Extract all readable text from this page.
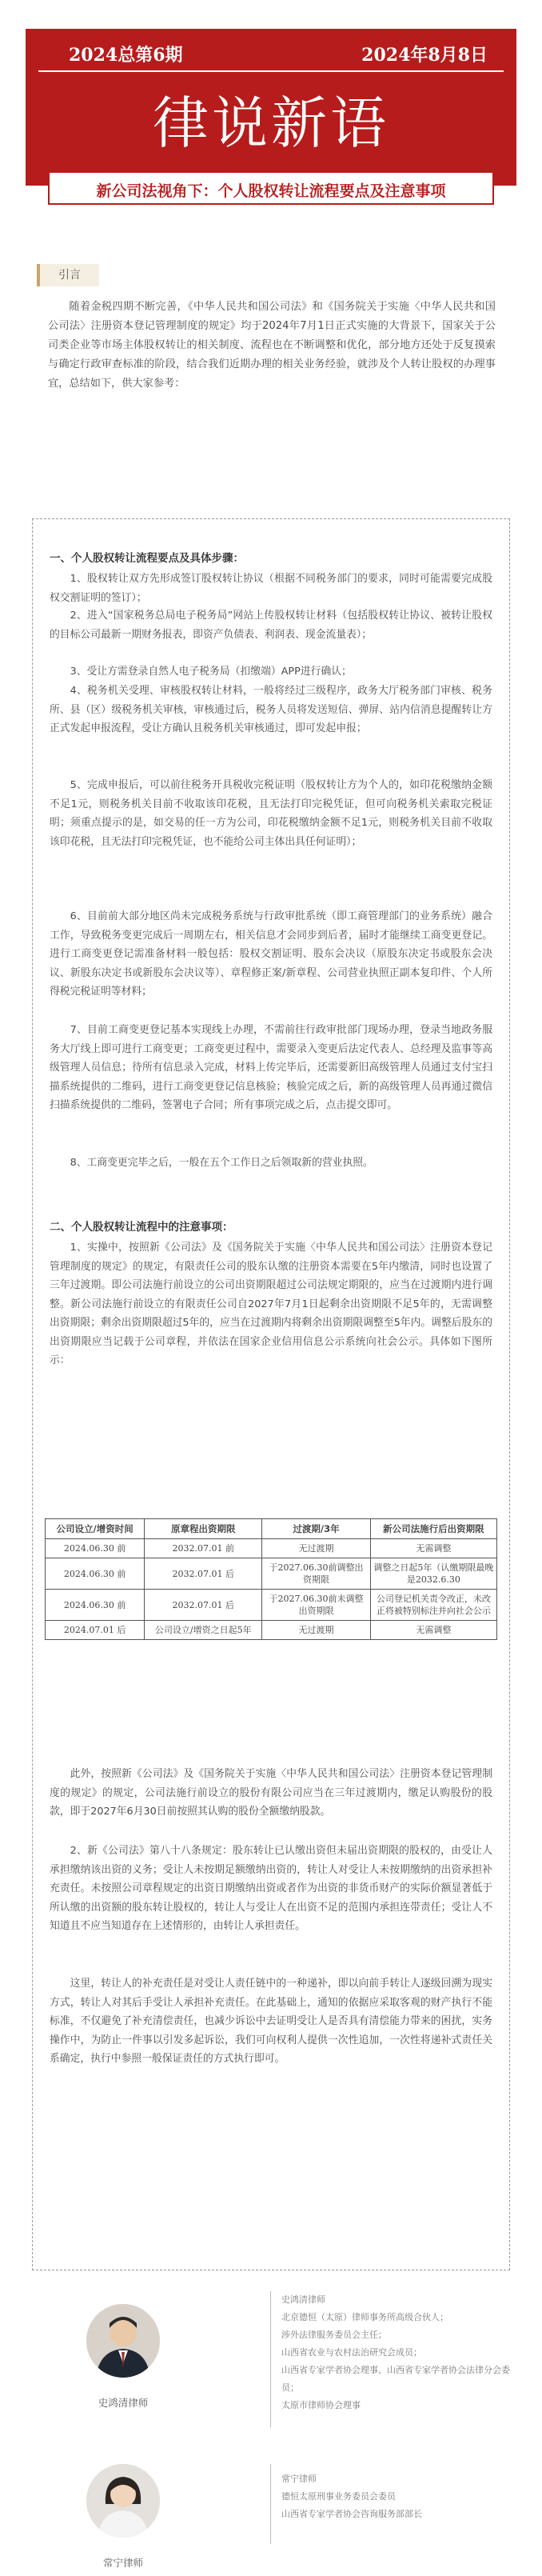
2024总第6期	2024年8月8日
律说新语
新公司法视角下：个人股权转让流程要点及注意事项
引言

随着金税四期不断完善，《中华人民共和国公司法》和《国务院关于实施〈中华人民共和国公司法〉注册资本登记管理制度的规定》均于2024年7月1日正式实施的大背景下，国家关于公司类企业等市场主体股权转让的相关制度、流程也在不断调整和优化，部分地方还处于反复摸索与确定行政审查标准的阶段，结合我们近期办理的相关业务经验，就涉及个人转让股权的办理事宜，总结如下，供大家参考：

一、个人股权转让流程要点及具体步骤：

1、股权转让双方先形成签订股权转让协议（根据不同税务部门的要求，同时可能需要完成股权交割证明的签订）；

2、进入“国家税务总局电子税务局”网站上传股权转让材料（包括股权转让协议、被转让股权的目标公司最新一期财务报表，即资产负债表、利润表、现金流量表）；

3、受让方需登录自然人电子税务局（扣缴端）APP进行确认；

4、税务机关受理、审核股权转让材料，一般将经过三级程序，政务大厅税务部门审核、税务所、县（区）级税务机关审核，审核通过后，税务人员将发送短信、弹屏、站内信消息提醒转让方正式发起申报流程，受让方确认且税务机关审核通过，即可发起申报；

5、完成申报后，可以前往税务开具税收完税证明（股权转让方为个人的，如印花税缴纳金额不足1元，则税务机关目前不收取该印花税，且无法打印完税凭证，但可向税务机关索取完税证明；须重点提示的是，如交易的任一方为公司，印花税缴纳金额不足1元，则税务机关目前不收取该印花税，且无法打印完税凭证，也不能给公司主体出具任何证明）；

6、目前前大部分地区尚未完成税务系统与行政审批系统（即工商管理部门的业务系统）融合工作，导致税务变更完成后一周期左右，相关信息才会同步到后者，届时才能继续工商变更登记。进行工商变更登记需准备材料一般包括：股权交割证明、股东会决议（原股东决定书或股东会决议、新股东决定书或新股东会决议等）、章程修正案/新章程、公司营业执照正副本复印件、个人所得税完税证明等材料；

7、目前工商变更登记基本实现线上办理，不需前往行政审批部门现场办理，登录当地政务服务大厅线上即可进行工商变更；工商变更过程中，需要录入变更后法定代表人、总经理及监事等高级管理人员信息；待所有信息录入完成，材料上传完毕后，还需要新旧高级管理人员通过支付宝扫描系统提供的二维码，进行工商变更登记信息核验；核验完成之后，新的高级管理人员再通过微信扫描系统提供的二维码，签署电子合同；所有事项完成之后，点击提交即可。

8、工商变更完毕之后，一般在五个工作日之后领取新的营业执照。

二、个人股权转让流程中的注意事项：

1、实操中，按照新《公司法》及《国务院关于实施〈中华人民共和国公司法〉注册资本登记管理制度的规定》的规定，有限责任公司的股东认缴的注册资本需要在5年内缴清，同时也设置了三年过渡期。即公司法施行前设立的公司出资期限超过公司法规定期限的，应当在过渡期内进行调整。新公司法施行前设立的有限责任公司自2027年7月1日起剩余出资期限不足5年的，无需调整出资期限；剩余出资期限超过5年的，应当在过渡期内将剩余出资期限调整至5年内。调整后股东的出资期限应当记载于公司章程，并依法在国家企业信用信息公示系统向社会公示。具体如下图所示：

公司设立/增资时间	原章程出资期限	过渡期/3年	新公司法施行后出资期限
2024.06.30 前	2032.07.01 前	无过渡期	无需调整
2024.06.30 前	2032.07.01 后	于2027.06.30前调整出资期限	调整之日起5年（认缴期限最晚是2032.6.30
2024.06.30 前	2032.07.01 后	于2027.06.30前未调整出资期限	公司登记机关责令改正，未改正将被特别标注并向社会公示
2024.07.01 后	公司设立/增资之日起5年	无过渡期	无需调整

此外，按照新《公司法》及《国务院关于实施〈中华人民共和国公司法〉注册资本登记管理制度的规定》的规定，公司法施行前设立的股份有限公司应当在三年过渡期内，缴足认购股份的股款，即于2027年6月30日前按照其认购的股份全额缴纳股款。

2、新《公司法》第八十八条规定：股东转让已认缴出资但未届出资期限的股权的，由受让人承担缴纳该出资的义务；受让人未按期足额缴纳出资的，转让人对受让人未按期缴纳的出资承担补充责任。未按照公司章程规定的出资日期缴纳出资或者作为出资的非货币财产的实际价额显著低于所认缴的出资额的股东转让股权的，转让人与受让人在出资不足的范围内承担连带责任；受让人不知道且不应当知道存在上述情形的，由转让人承担责任。

这里，转让人的补充责任是对受让人责任链中的一种递补，即以向前手转让人逐级回溯为现实方式，转让人对其后手受让人承担补充责任。在此基础上，通知的依据应采取客观的财产执行不能标准，不仅避免了补充清偿责任，也减少诉讼中去证明受让人是否具有清偿能力带来的困扰，实务操作中，为防止一件事以引发多起诉讼，我们可向权利人提供一次性追加，一次性将递补式责任关系确定，执行中参照一般保证责任的方式执行即可。

史鸿清律师
史鸿清律师
北京德恒（太原）律师事务所高级合伙人；
涉外法律服务委员会主任；
山西省农业与农村法治研究会成员；
山西省专家学者协会理事、山西省专家学者协会法律分会委员；
太原市律师协会理事
常宁律师
常宁律师
德恒太原刑事业务委员会委员
山西省专家学者协会咨询服务部部长
